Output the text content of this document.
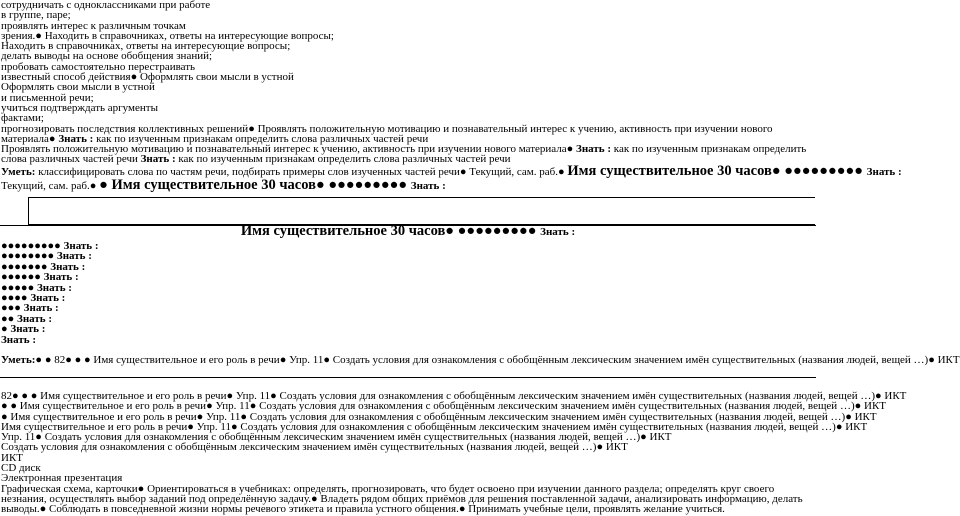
сотрудничать с одноклассниками при работе
в группе, паре;
проявлять интерес к различным точкам
зрения.● Находить в справочниках, ответы на интересующие вопросы;
Находить в справочниках, ответы на интересующие вопросы;
делать выводы на основе обобщения знаний;
пробовать самостоятельно перестраивать
известный способ действия● Оформлять свои мысли в устной
Оформлять свои мысли в устной
и письменной речи;
учиться подтверждать аргументы
фактами;
прогнозировать последствия коллективных решений● Проявлять положительную мотивацию и познавательный интерес к учению, активность при изучении нового материала● Знать : как по изученным признакам определить слова различных частей речи
Проявлять положительную мотивацию и познавательный интерес к учению, активность при изучении нового материала● Знать : как по изученным признакам определить слова различных частей речи Знать : как по изученным признакам определить слова различных частей речи
Уметь: классифицировать слова по частям речи, подбирать примеры слов изученных частей речи● Текущий, сам. раб.● Имя существительное 30 часов● ●●●●●●●●● Знать :
Текущий, сам. раб.● ● Имя существительное 30 часов● ●●●●●●●●● Знать :
Имя существительное 30 часов● ●●●●●●●●● Знать :
●●●●●●●●● Знать :
●●●●●●●● Знать :
●●●●●●● Знать :
●●●●●● Знать :
●●●●● Знать :
●●●● Знать :
●●● Знать :
●● Знать :
● Знать :
Знать :
Уметь:● ● 82● ● ● Имя существительное и его роль в речи● Упр. 11● Создать условия для ознакомления с обобщённым лексическим значением имён существительных (названия людей, вещей …)● ИКТ
82● ● ● Имя существительное и его роль в речи● Упр. 11● Создать условия для ознакомления с обобщённым лексическим значением имён существительных (названия людей, вещей …)● ИКТ
● ● Имя существительное и его роль в речи● Упр. 11● Создать условия для ознакомления с обобщённым лексическим значением имён существительных (названия людей, вещей …)● ИКТ
● Имя существительное и его роль в речи● Упр. 11● Создать условия для ознакомления с обобщённым лексическим значением имён существительных (названия людей, вещей …)● ИКТ
Имя существительное и его роль в речи● Упр. 11● Создать условия для ознакомления с обобщённым лексическим значением имён существительных (названия людей, вещей …)● ИКТ
Упр. 11● Создать условия для ознакомления с обобщённым лексическим значением имён существительных (названия людей, вещей …)● ИКТ
Создать условия для ознакомления с обобщённым лексическим значением имён существительных (названия людей, вещей …)● ИКТ
ИКТ
CD диск
Электронная презентация
Графическая схема, карточки● Ориентироваться в учебниках: определять, прогнозировать, что будет освоено при изучении данного раздела; определять круг своего незнания, осуществлять выбор заданий под определённую задачу.● Владеть рядом общих приёмов для решения поставленной задачи, анализировать информацию, делать выводы.● Соблюдать в повседневной жизни нормы речевого этикета и правила устного общения.● Принимать учебные цели, проявлять желание учиться.
